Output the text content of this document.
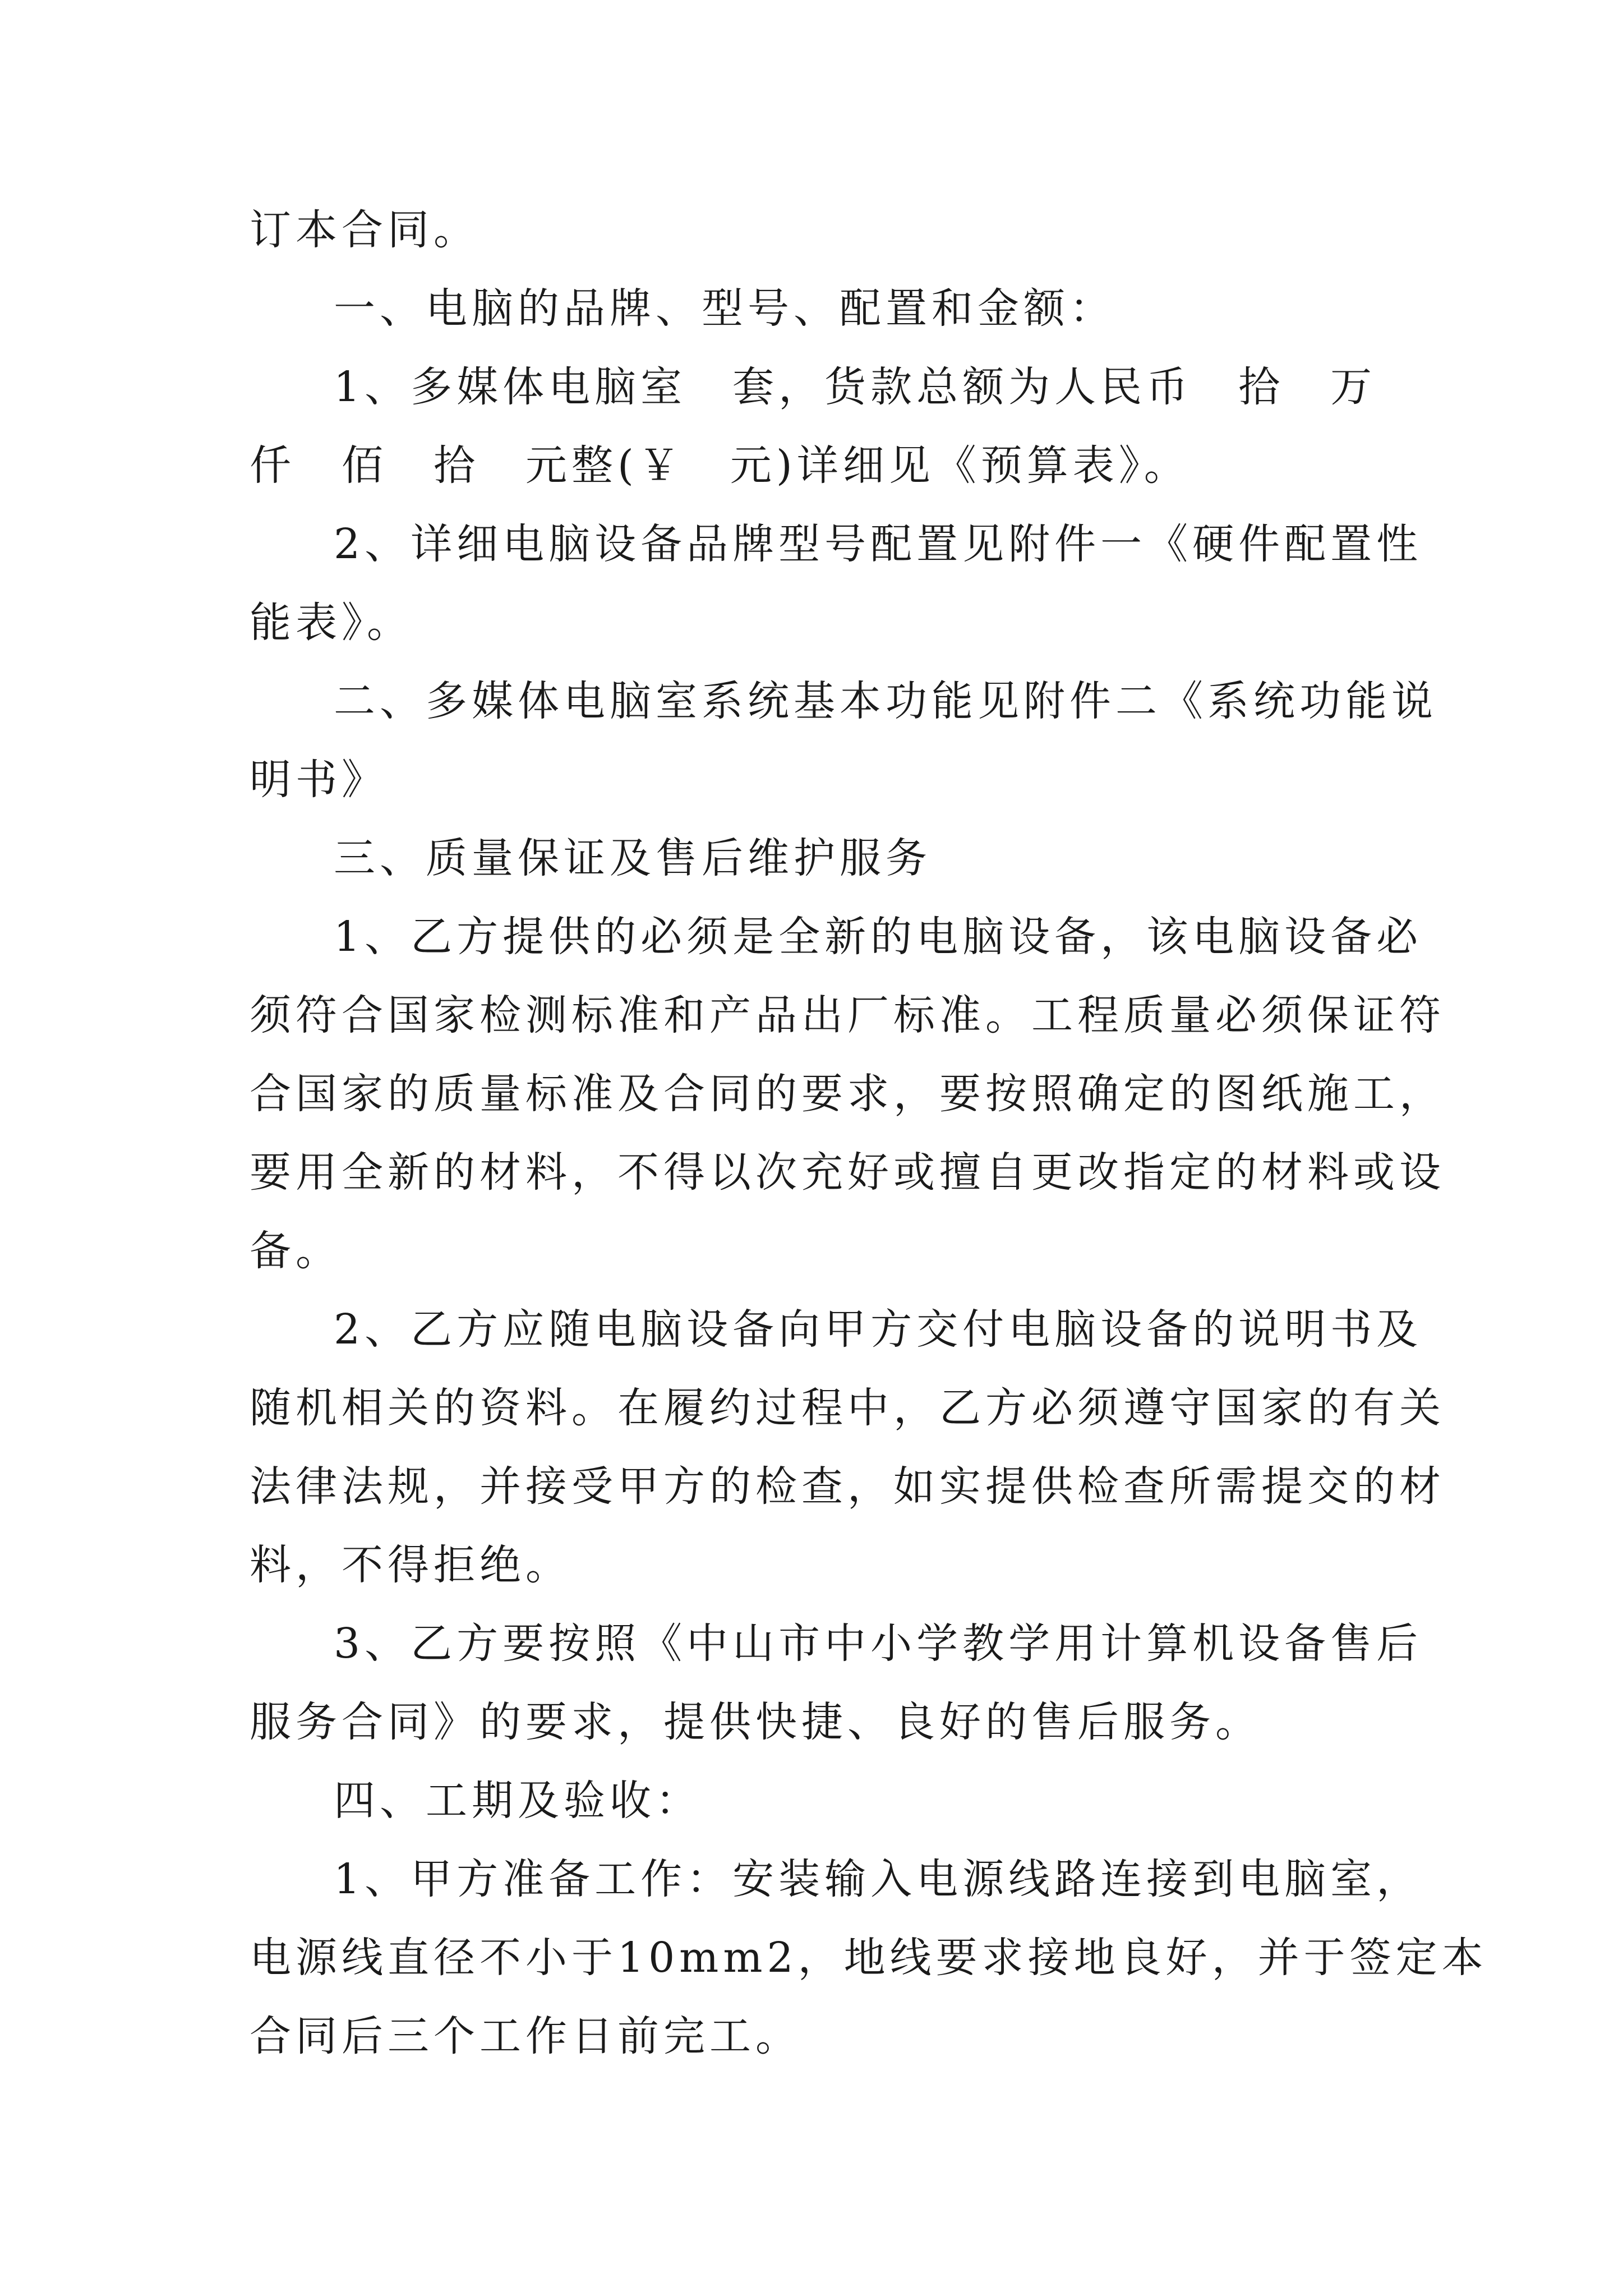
订本合同。
一、电脑的品牌、型号、配置和金额：
1、多媒体电脑室　套，货款总额为人民币　拾　万
仟　佰　拾　元整(￥　元)详细见《预算表》。
2、详细电脑设备品牌型号配置见附件一《硬件配置性
能表》。
二、多媒体电脑室系统基本功能见附件二《系统功能说
明书》
三、质量保证及售后维护服务
1、乙方提供的必须是全新的电脑设备，该电脑设备必
须符合国家检测标准和产品出厂标准。工程质量必须保证符
合国家的质量标准及合同的要求，要按照确定的图纸施工，
要用全新的材料，不得以次充好或擅自更改指定的材料或设
备。
2、乙方应随电脑设备向甲方交付电脑设备的说明书及
随机相关的资料。在履约过程中，乙方必须遵守国家的有关
法律法规，并接受甲方的检查，如实提供检查所需提交的材
料，不得拒绝。
3、乙方要按照《中山市中小学教学用计算机设备售后
服务合同》的要求，提供快捷、良好的售后服务。
四、工期及验收：
1、甲方准备工作：安装输入电源线路连接到电脑室，
电源线直径不小于10mm2，地线要求接地良好，并于签定本
合同后三个工作日前完工。
